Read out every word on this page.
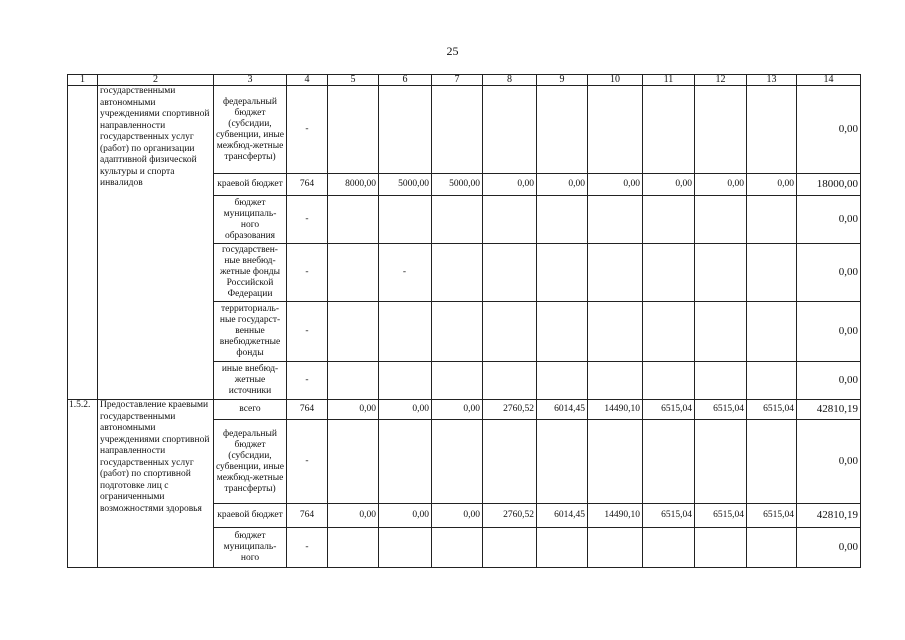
25
1	2	3	4	5	6	7	8	9	10	11	12	13	14
	государственными автономными учреждениями спортивной направленности государственных услуг (работ) по организации адаптивной физической культуры и спорта инвалидов	федеральный бюджет (субсидии, субвенции, иные межбюд-жетные трансферты)	-										0,00
		краевой бюджет	764	8000,00	5000,00	5000,00	0,00	0,00	0,00	0,00	0,00	0,00	18000,00
		бюджет муниципаль-ного образования	-										0,00
		государствен-ные внебюд-жетные фонды Российской Федерации	-		-								0,00
		территориаль-ные государст-венные внебюджетные фонды	-										0,00
		иные внебюд-жетные источники	-										0,00
1.5.2.	Предоставление краевыми государственными автономными учреждениями спортивной направленности государственных услуг (работ) по спортивной подготовке лиц с ограниченными возможностями здоровья	всего	764	0,00	0,00	0,00	2760,52	6014,45	14490,10	6515,04	6515,04	6515,04	42810,19
		федеральный бюджет (субсидии, субвенции, иные межбюд-жетные трансферты)	-										0,00
		краевой бюджет	764	0,00	0,00	0,00	2760,52	6014,45	14490,10	6515,04	6515,04	6515,04	42810,19
		бюджет муниципаль-ного	-										0,00
